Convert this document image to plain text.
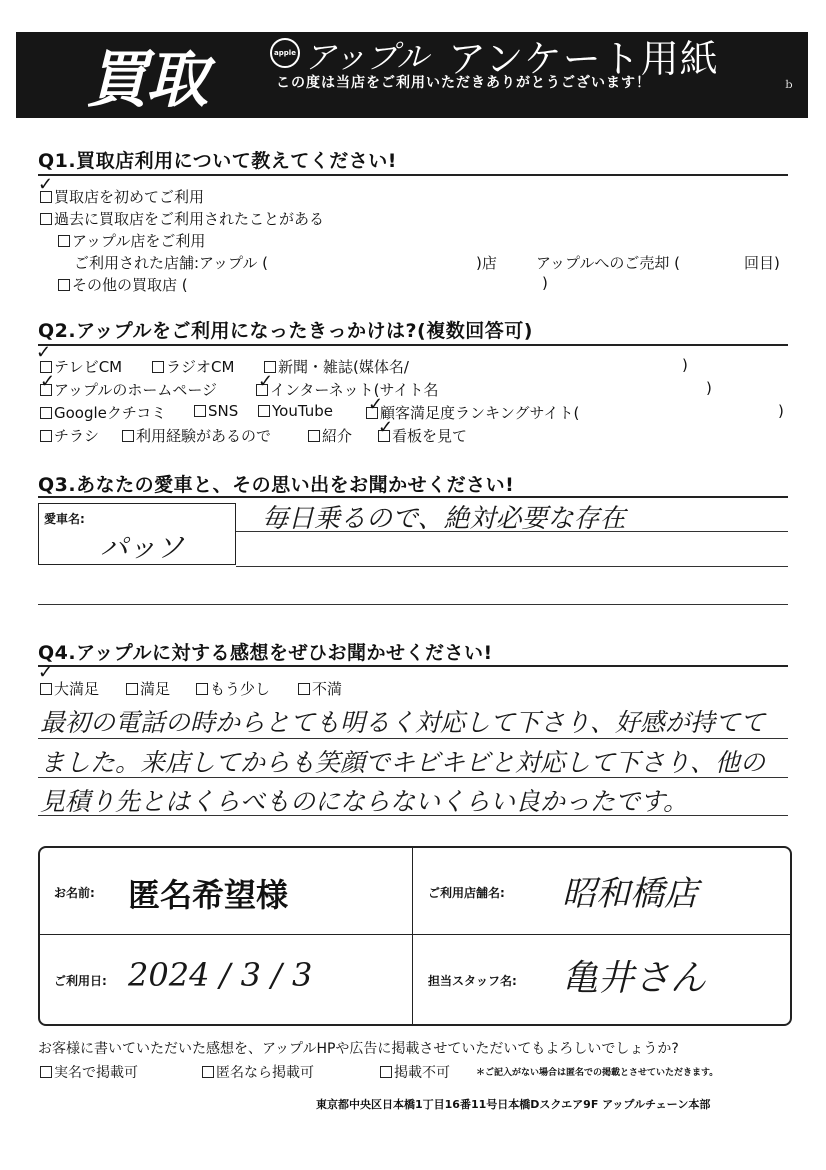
買取	apple アップル アンケート用紙
この度は当店をご利用いただきありがとうございます！	ｂ
Q1.買取店利用について教えてください!
買取店を初めてご利用
✓
過去に買取店をご利用されたことがある
アップル店をご利用
ご利用された店舗:アップル (	)店	アップルへのご売却 (	回目)
その他の買取店 (	)
Q2.アップルをご利用になったきっかけは?(複数回答可)
テレビCM
✓
ラジオCM	新聞・雑誌(媒体名/	)
アップルのホームページ
✓	インターネット(サイト名
✓	)
Googleクチコミ	SNS	YouTube	顧客満足度ランキングサイト(
✓	)
チラシ	利用経験があるので	紹介	看板を見て
✓
Q3.あなたの愛車と、その思い出をお聞かせください!
愛車名:
パッソ
毎日乗るので、絶対必要な存在
Q4.アップルに対する感想をぜひお聞かせください!
大満足
✓
満足	もう少し	不満
最初の電話の時からとても明るく対応して下さり、好感が持てて
ました。来店してからも笑顔でキビキビと対応して下さり、他の
見積り先とはくらべものにならないくらい良かったです。
お名前: 匿名希望様	ご利用店舗名: 昭和橋店
ご利用日: 2024 / 3 / 3	担当スタッフ名: 亀井さん
お客様に書いていただいた感想を、アップルHPや広告に掲載させていただいてもよろしいでしょうか?
実名で掲載可	匿名なら掲載可	掲載不可	＊ご記入がない場合は匿名での掲載とさせていただきます。
東京都中央区日本橋1丁目16番11号日本橋Dスクエア9F アップルチェーン本部
